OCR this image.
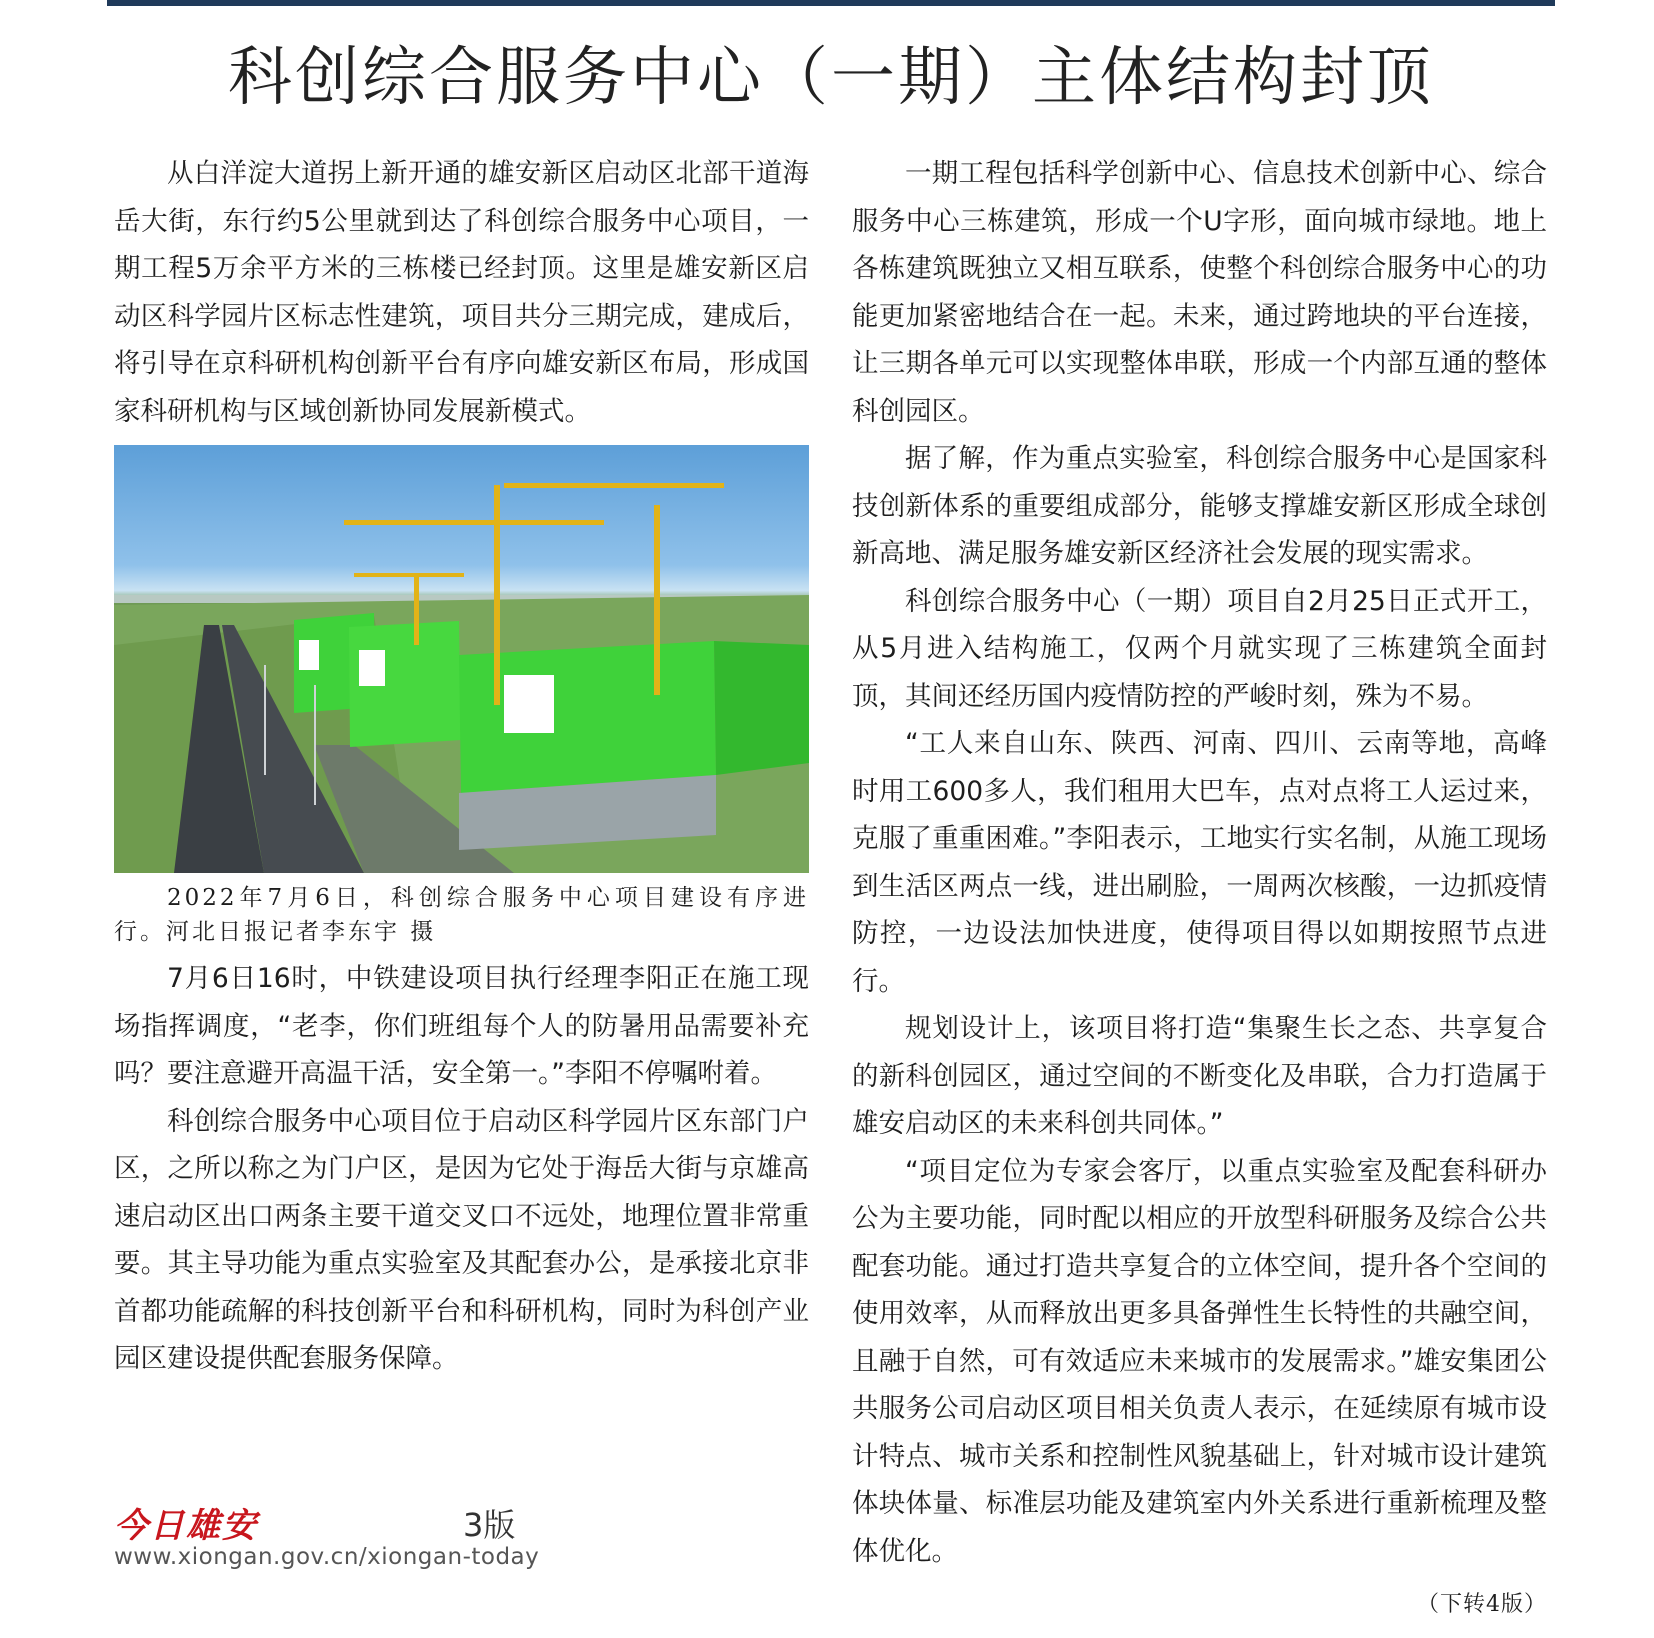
科创综合服务中心（一期）主体结构封顶

从白洋淀大道拐上新开通的雄安新区启动区北部干道海岳大街，东行约5公里就到达了科创综合服务中心项目，一期工程5万余平方米的三栋楼已经封顶。这里是雄安新区启动区科学园片区标志性建筑，项目共分三期完成，建成后，将引导在京科研机构创新平台有序向雄安新区布局，形成国家科研机构与区域创新协同发展新模式。

2022年7月6日，科创综合服务中心项目建设有序进行。河北日报记者李东宇 摄

7月6日16时，中铁建设项目执行经理李阳正在施工现场指挥调度，“老李，你们班组每个人的防暑用品需要补充吗？要注意避开高温干活，安全第一。”李阳不停嘱咐着。

科创综合服务中心项目位于启动区科学园片区东部门户区，之所以称之为门户区，是因为它处于海岳大街与京雄高速启动区出口两条主要干道交叉口不远处，地理位置非常重要。其主导功能为重点实验室及其配套办公，是承接北京非首都功能疏解的科技创新平台和科研机构，同时为科创产业园区建设提供配套服务保障。

一期工程包括科学创新中心、信息技术创新中心、综合服务中心三栋建筑，形成一个U字形，面向城市绿地。地上各栋建筑既独立又相互联系，使整个科创综合服务中心的功能更加紧密地结合在一起。未来，通过跨地块的平台连接，让三期各单元可以实现整体串联，形成一个内部互通的整体科创园区。

据了解，作为重点实验室，科创综合服务中心是国家科技创新体系的重要组成部分，能够支撑雄安新区形成全球创新高地、满足服务雄安新区经济社会发展的现实需求。

科创综合服务中心（一期）项目自2月25日正式开工，从5月进入结构施工，仅两个月就实现了三栋建筑全面封顶，其间还经历国内疫情防控的严峻时刻，殊为不易。

“工人来自山东、陕西、河南、四川、云南等地，高峰时用工600多人，我们租用大巴车，点对点将工人运过来，克服了重重困难。”李阳表示，工地实行实名制，从施工现场到生活区两点一线，进出刷脸，一周两次核酸，一边抓疫情防控，一边设法加快进度，使得项目得以如期按照节点进行。

规划设计上，该项目将打造“集聚生长之态、共享复合的新科创园区，通过空间的不断变化及串联，合力打造属于雄安启动区的未来科创共同体。”

“项目定位为专家会客厅，以重点实验室及配套科研办公为主要功能，同时配以相应的开放型科研服务及综合公共配套功能。通过打造共享复合的立体空间，提升各个空间的使用效率，从而释放出更多具备弹性生长特性的共融空间，且融于自然，可有效适应未来城市的发展需求。”雄安集团公共服务公司启动区项目相关负责人表示，在延续原有城市设计特点、城市关系和控制性风貌基础上，针对城市设计建筑体块体量、标准层功能及建筑室内外关系进行重新梳理及整体优化。

（下转4版）
今日雄安	3版
www.xiongan.gov.cn/xiongan-today
